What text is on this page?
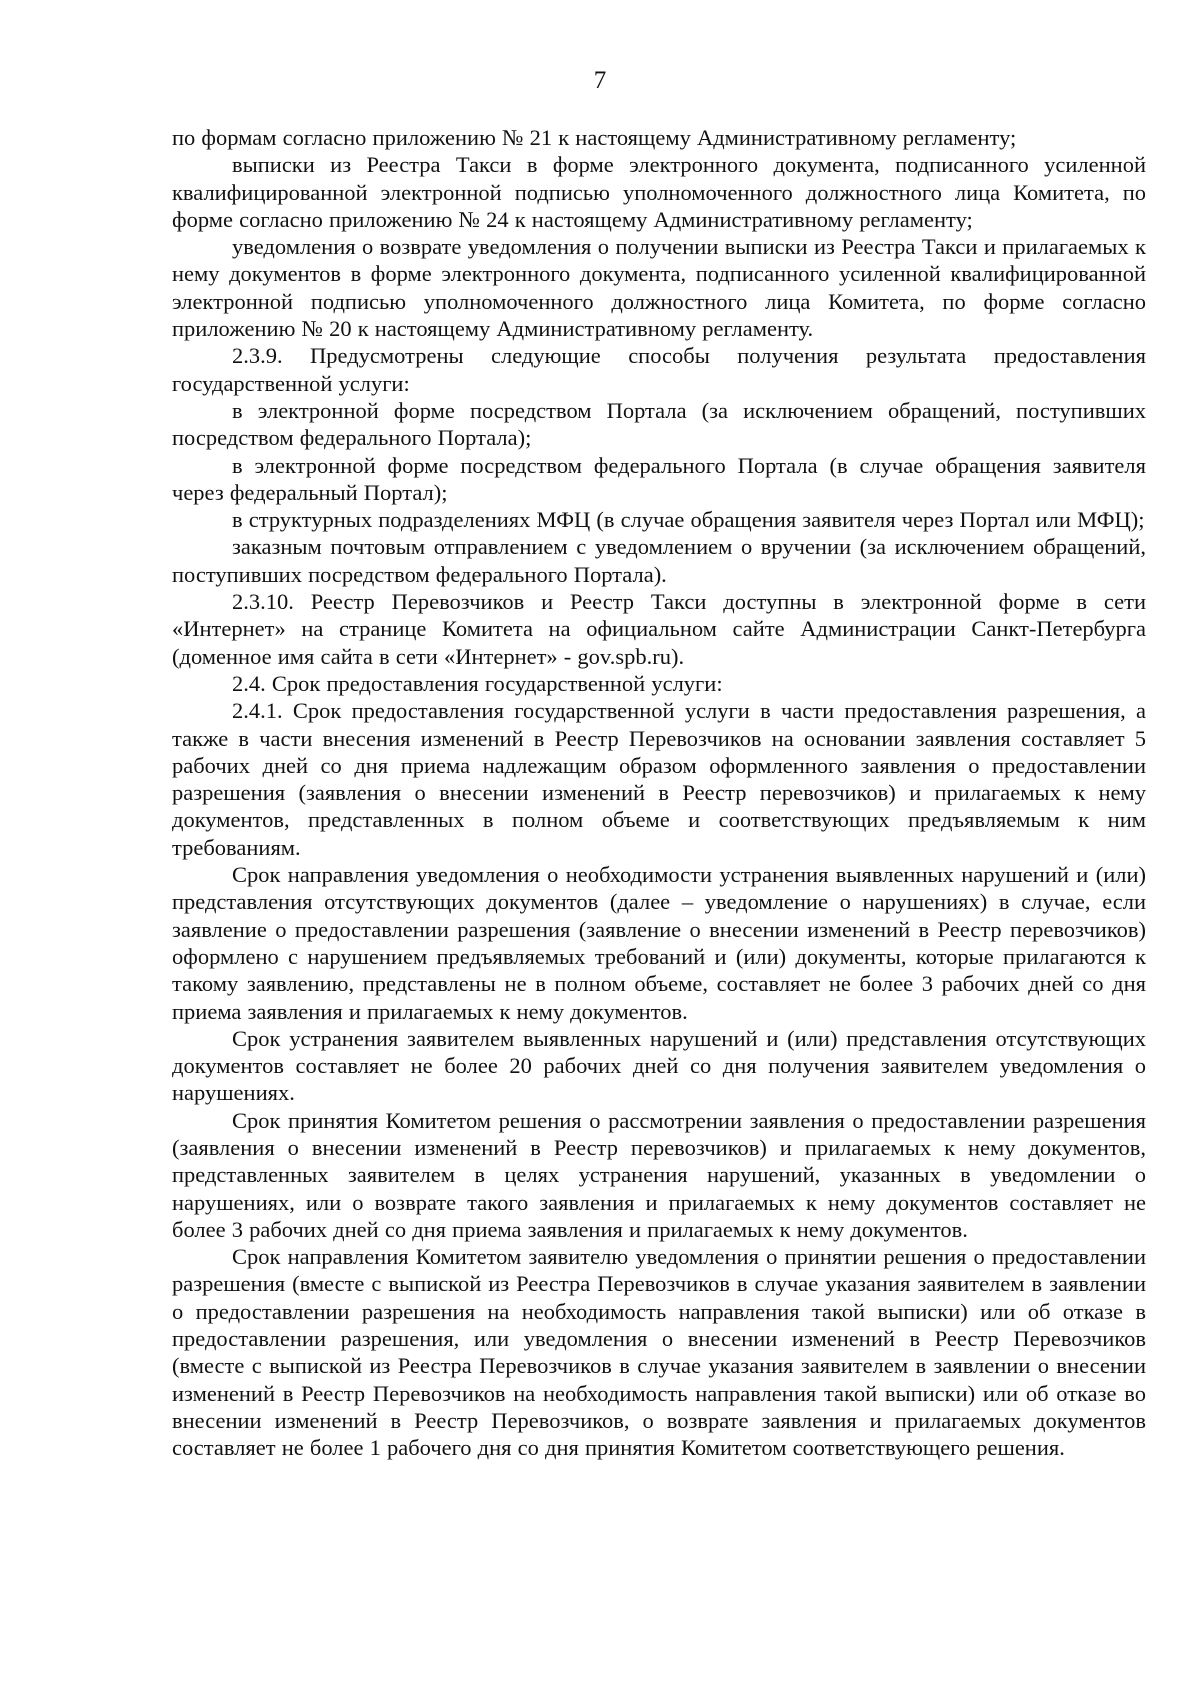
7

по формам согласно приложению № 21 к настоящему Административному регламенту;

выписки из Реестра Такси в форме электронного документа, подписанного усиленной квалифицированной электронной подписью уполномоченного должностного лица Комитета, по форме согласно приложению № 24 к настоящему Административному регламенту;

уведомления о возврате уведомления о получении выписки из Реестра Такси и прилагаемых к нему документов в форме электронного документа, подписанного усиленной квалифицированной электронной подписью уполномоченного должностного лица Комитета, по форме согласно приложению № 20 к настоящему Административному регламенту.

2.3.9. Предусмотрены следующие способы получения результата предоставления государственной услуги:

в электронной форме посредством Портала (за исключением обращений, поступивших посредством федерального Портала);

в электронной форме посредством федерального Портала (в случае обращения заявителя через федеральный Портал);

в структурных подразделениях МФЦ (в случае обращения заявителя через Портал или МФЦ);

заказным почтовым отправлением с уведомлением о вручении (за исключением обращений, поступивших посредством федерального Портала).

2.3.10. Реестр Перевозчиков и Реестр Такси доступны в электронной форме в сети «Интернет» на странице Комитета на официальном сайте Администрации Санкт-Петербурга (доменное имя сайта в сети «Интернет» - gov.spb.ru).

2.4. Срок предоставления государственной услуги:

2.4.1. Срок предоставления государственной услуги в части предоставления разрешения, а также в части внесения изменений в Реестр Перевозчиков на основании заявления составляет 5 рабочих дней со дня приема надлежащим образом оформленного заявления о предоставлении разрешения (заявления о внесении изменений в Реестр перевозчиков) и прилагаемых к нему документов, представленных в полном объеме и соответствующих предъявляемым к ним требованиям.

Срок направления уведомления о необходимости устранения выявленных нарушений и (или) представления отсутствующих документов (далее – уведомление о нарушениях) в случае, если заявление о предоставлении разрешения (заявление о внесении изменений в Реестр перевозчиков) оформлено с нарушением предъявляемых требований и (или) документы, которые прилагаются к такому заявлению, представлены не в полном объеме, составляет не более 3 рабочих дней со дня приема заявления и прилагаемых к нему документов.

Срок устранения заявителем выявленных нарушений и (или) представления отсутствующих документов составляет не более 20 рабочих дней со дня получения заявителем уведомления о нарушениях.

Срок принятия Комитетом решения о рассмотрении заявления о предоставлении разрешения (заявления о внесении изменений в Реестр перевозчиков) и прилагаемых к нему документов, представленных заявителем в целях устранения нарушений, указанных в уведомлении о нарушениях, или о возврате такого заявления и прилагаемых к нему документов составляет не более 3 рабочих дней со дня приема заявления и прилагаемых к нему документов.

Срок направления Комитетом заявителю уведомления о принятии решения о предоставлении разрешения (вместе с выпиской из Реестра Перевозчиков в случае указания заявителем в заявлении о предоставлении разрешения на необходимость направления такой выписки) или об отказе в предоставлении разрешения, или уведомления о внесении изменений в Реестр Перевозчиков (вместе с выпиской из Реестра Перевозчиков в случае указания заявителем в заявлении о внесении изменений в Реестр Перевозчиков на необходимость направления такой выписки) или об отказе во внесении изменений в Реестр Перевозчиков, о возврате заявления и прилагаемых документов составляет не более 1 рабочего дня со дня принятия Комитетом соответствующего решения.
